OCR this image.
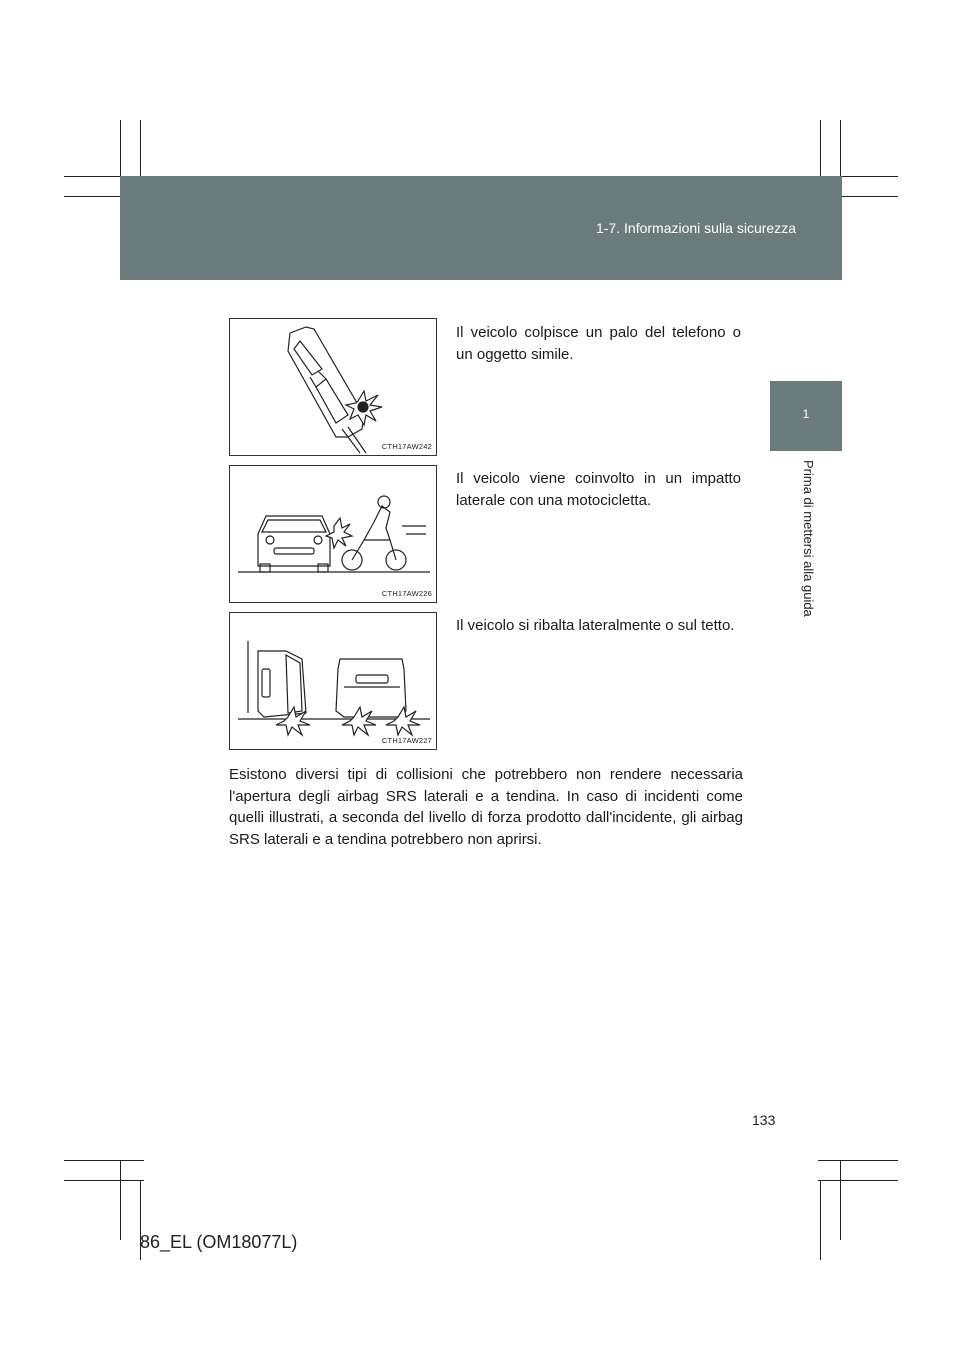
1-7. Informazioni sulla sicurezza
1
Prima di mettersi alla guida
CTH17AW242
Il veicolo colpisce un palo del telefono o un oggetto simile.
CTH17AW226
Il veicolo viene coinvolto in un impatto laterale con una motocicletta.
CTH17AW227
Il veicolo si ribalta lateralmente o sul tetto.
Esistono diversi tipi di collisioni che potrebbero non rendere necessaria l'apertura degli airbag SRS laterali e a tendina. In caso di incidenti come quelli illustrati, a seconda del livello di forza prodotto dall'incidente, gli airbag SRS laterali e a tendina potrebbero non aprirsi.
133
86_EL (OM18077L)
